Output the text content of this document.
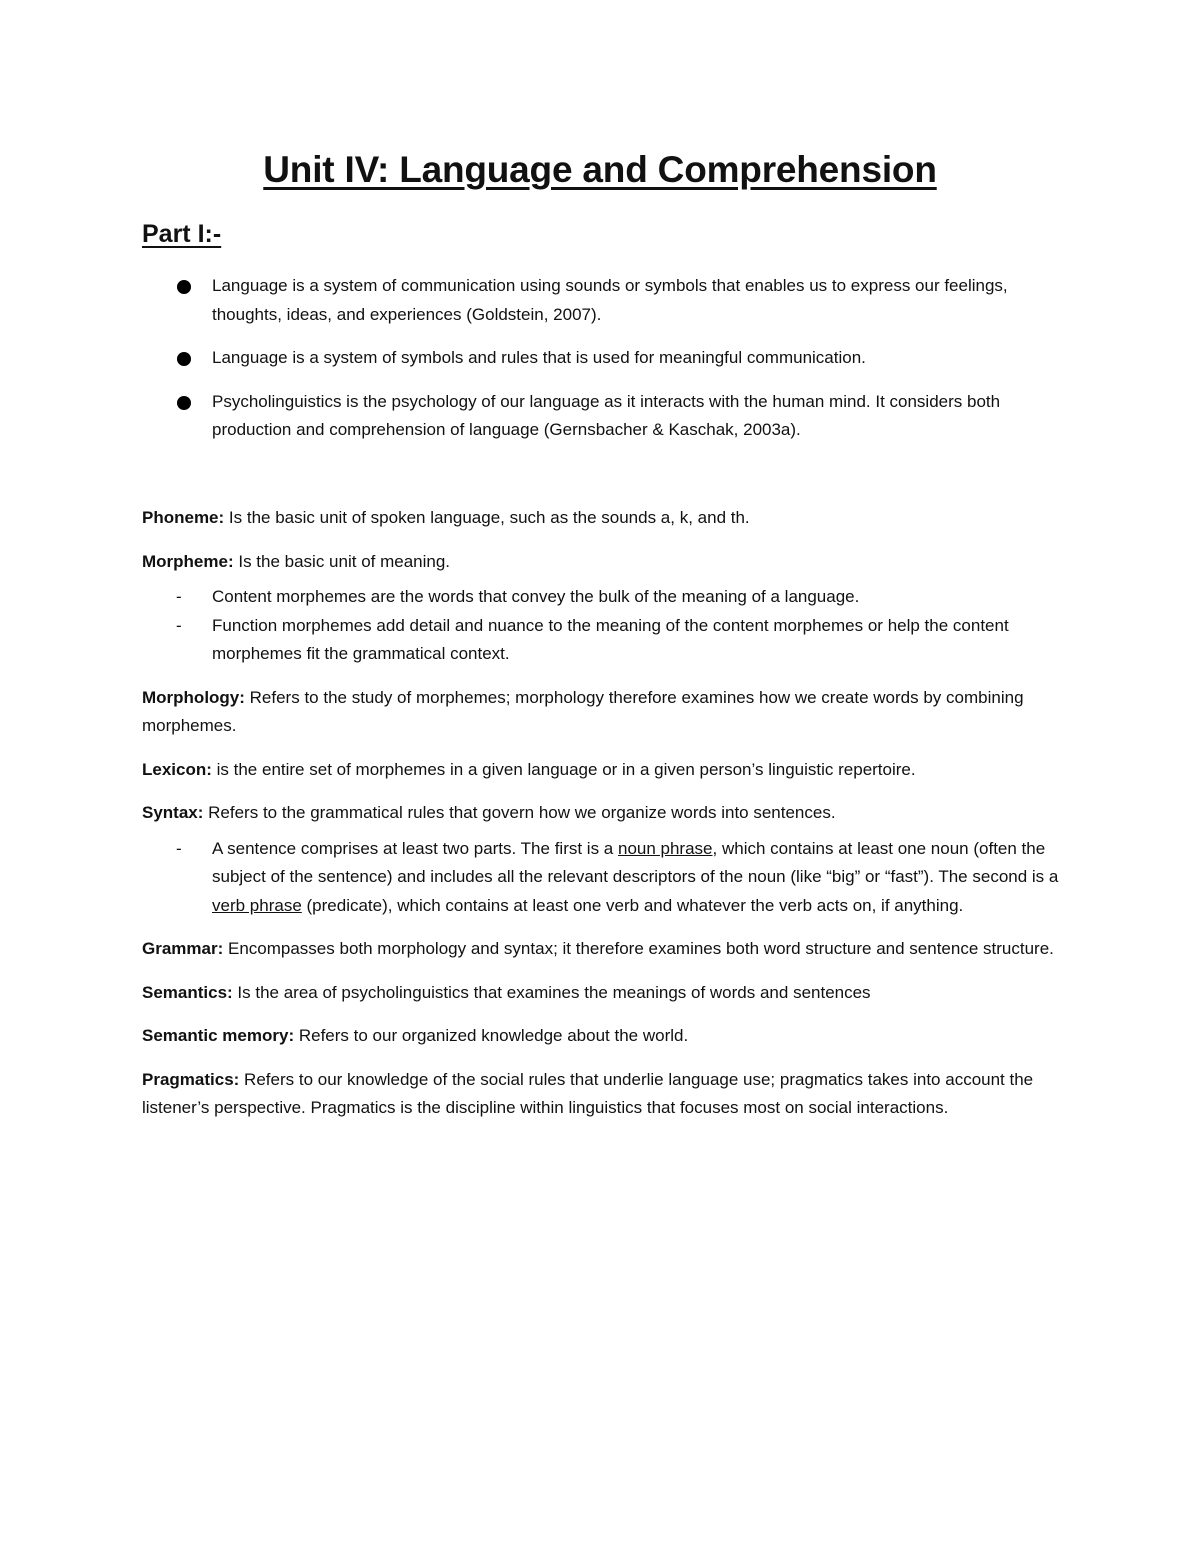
Unit IV: Language and Comprehension
Part I:-
Language is a system of communication using sounds or symbols that enables us to express our feelings, thoughts, ideas, and experiences (Goldstein, 2007).
Language is a system of symbols and rules that is used for meaningful communication.
Psycholinguistics is the psychology of our language as it interacts with the human mind. It considers both production and comprehension of language (Gernsbacher & Kaschak, 2003a).

Phoneme: Is the basic unit of spoken language, such as the sounds a, k, and th.

Morpheme: Is the basic unit of meaning.

- Content morphemes are the words that convey the bulk of the meaning of a language.
- Function morphemes add detail and nuance to the meaning of the content morphemes or help the content morphemes fit the grammatical context.

Morphology: Refers to the study of morphemes; morphology therefore examines how we create words by combining morphemes.

Lexicon: is the entire set of morphemes in a given language or in a given person’s linguistic repertoire.

Syntax: Refers to the grammatical rules that govern how we organize words into sentences.

- A sentence comprises at least two parts. The first is a noun phrase, which contains at least one noun (often the subject of the sentence) and includes all the relevant descriptors of the noun (like “big” or “fast”). The second is a verb phrase (predicate), which contains at least one verb and whatever the verb acts on, if anything.

Grammar: Encompasses both morphology and syntax; it therefore examines both word structure and sentence structure.

Semantics: Is the area of psycholinguistics that examines the meanings of words and sentences

Semantic memory: Refers to our organized knowledge about the world.

Pragmatics: Refers to our knowledge of the social rules that underlie language use; pragmatics takes into account the listener’s perspective. Pragmatics is the discipline within linguistics that focuses most on social interactions.
